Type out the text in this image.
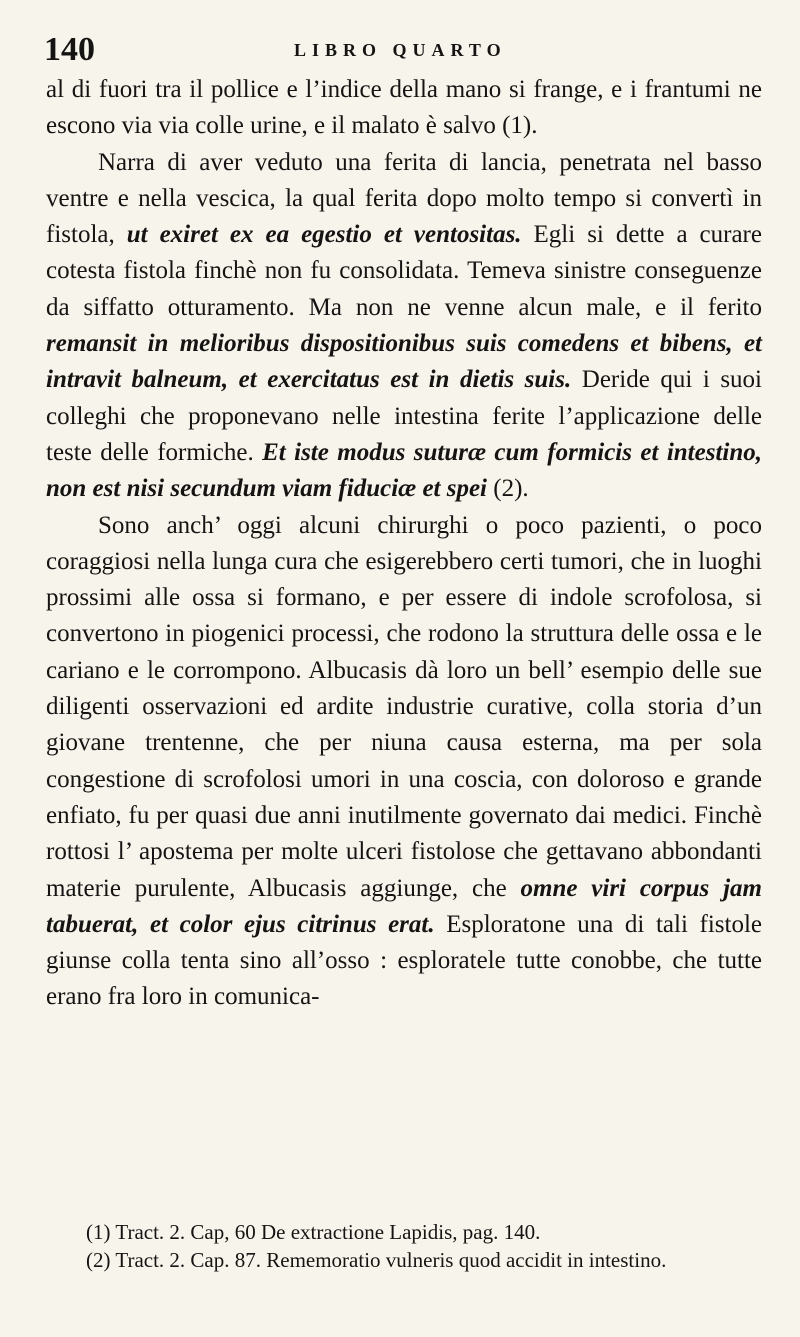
140	LIBRO QUARTO

al di fuori tra il pollice e l’indice della mano si frange, e i frantumi ne escono via via colle urine, e il malato è salvo (1).

Narra di aver veduto una ferita di lancia, penetrata nel basso ventre e nella vescica, la qual ferita dopo molto tempo si convertì in fistola, ut exiret ex ea egestio et ventositas. Egli si dette a curare cotesta fistola finchè non fu consolidata. Temeva sinistre conseguenze da siffatto otturamento. Ma non ne venne alcun male, e il ferito remansit in melioribus dispositionibus suis comedens et bibens, et intravit balneum, et exercitatus est in dietis suis. Deride qui i suoi colleghi che proponevano nelle intestina ferite l’applicazione delle teste delle formiche. Et iste modus suturæ cum formicis et intestino, non est nisi secundum viam fiduciæ et spei (2).

Sono anch’ oggi alcuni chirurghi o poco pazienti, o poco coraggiosi nella lunga cura che esigerebbero certi tumori, che in luoghi prossimi alle ossa si formano, e per essere di indole scrofolosa, si convertono in piogenici processi, che rodono la struttura delle ossa e le cariano e le corrompono. Albucasis dà loro un bell’ esempio delle sue diligenti osservazioni ed ardite industrie curative, colla storia d’un giovane trentenne, che per niuna causa esterna, ma per sola congestione di scrofolosi umori in una coscia, con doloroso e grande enfiato, fu per quasi due anni inutilmente governato dai medici. Finchè rottosi l’ apostema per molte ulceri fistolose che gettavano abbondanti materie purulente, Albucasis aggiunge, che omne viri corpus jam tabuerat, et color ejus citrinus erat. Esploratone una di tali fistole giunse colla tenta sino all’osso : esploratele tutte conobbe, che tutte erano fra loro in comunica-

(1) Tract. 2. Cap, 60 De extractione Lapidis, pag. 140.

(2) Tract. 2. Cap. 87. Rememoratio vulneris quod accidit in intestino.
